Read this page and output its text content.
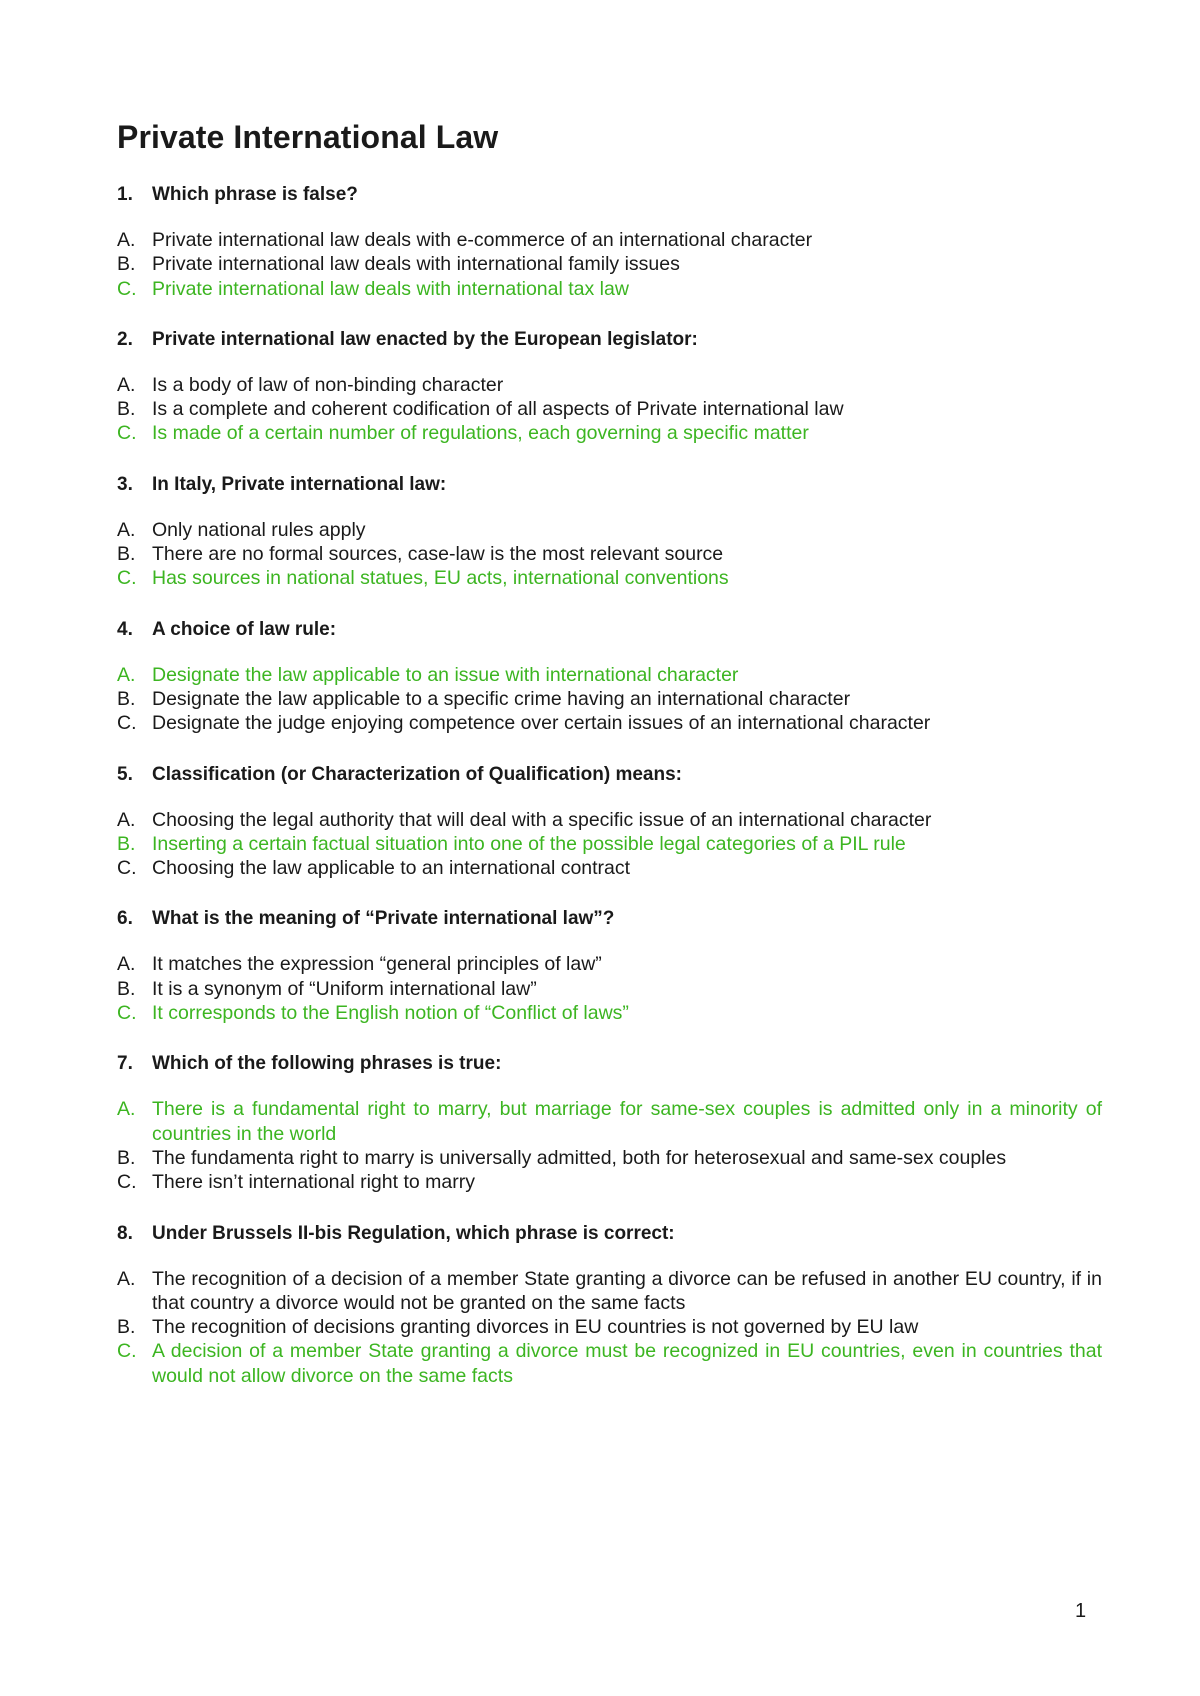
Private International Law
1.	Which phrase is false?
A. Private international law deals with e-commerce of an international character
B. Private international law deals with international family issues
C. Private international law deals with international tax law
2.	Private international law enacted by the European legislator:
A. Is a body of law of non-binding character
B. Is a complete and coherent codification of all aspects of Private international law
C. Is made of a certain number of regulations, each governing a specific matter
3.	In Italy, Private international law:
A. Only national rules apply
B. There are no formal sources, case-law is the most relevant source
C. Has sources in national statues, EU acts, international conventions
4.	A choice of law rule:
A. Designate the law applicable to an issue with international character
B. Designate the law applicable to a specific crime having an international character
C. Designate the judge enjoying competence over certain issues of an international character
5.	Classification (or Characterization of Qualification) means:
A. Choosing the legal authority that will deal with a specific issue of an international character
B. Inserting a certain factual situation into one of the possible legal categories of a PIL rule
C. Choosing the law applicable to an international contract
6.	What is the meaning of “Private international law”?
A. It matches the expression “general principles of law”
B. It is a synonym of “Uniform international law”
C. It corresponds to the English notion of “Conflict of laws”
7.	Which of the following phrases is true:
A. There is a fundamental right to marry, but marriage for same-sex couples is admitted only in a minority of countries in the world
B. The fundamenta right to marry is universally admitted, both for heterosexual and same-sex couples
C. There isn’t international right to marry
8.	Under Brussels II-bis Regulation, which phrase is correct:
A. The recognition of a decision of a member State granting a divorce can be refused in another EU country, if in that country a divorce would not be granted on the same facts
B. The recognition of decisions granting divorces in EU countries is not governed by EU law
C. A decision of a member State granting a divorce must be recognized in EU countries, even in countries that would not allow divorce on the same facts
1
